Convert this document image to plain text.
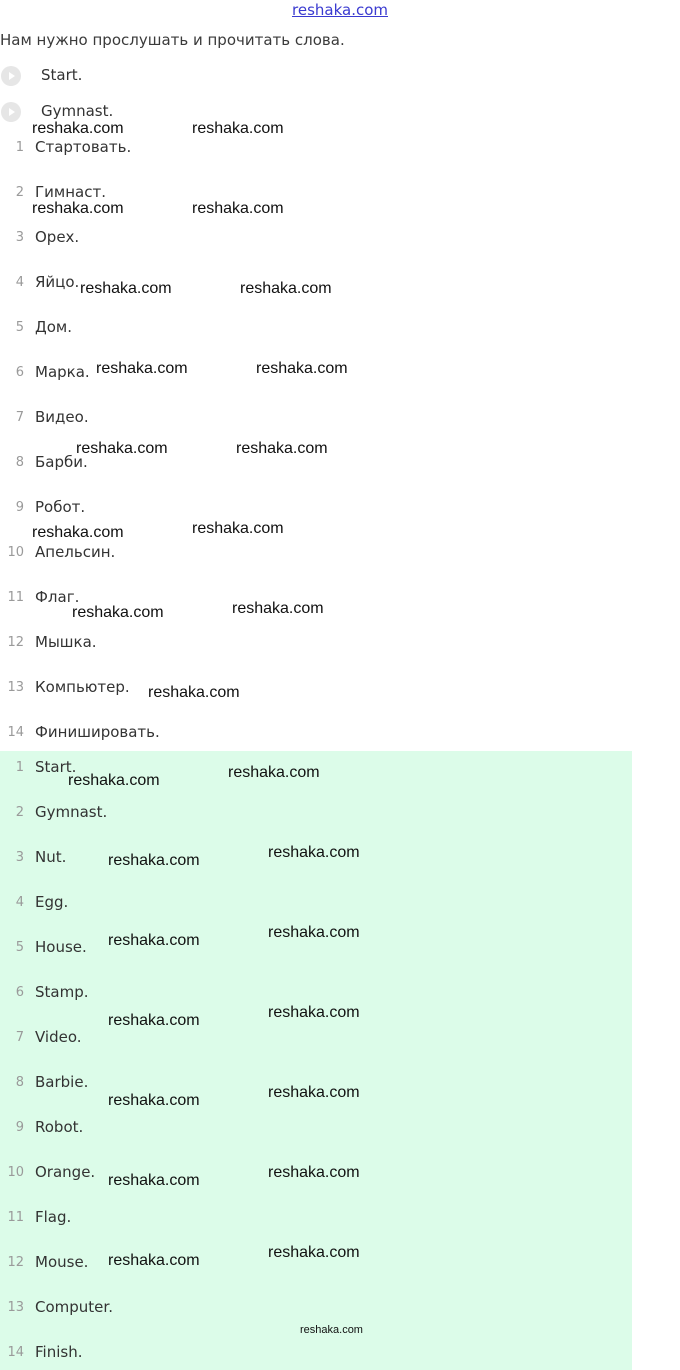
reshaka.com
Нам нужно прослушать и прочитать слова.
Start.
Gymnast.
1 Стартовать.
2 Гимнаст.
3 Орех.
4 Яйцо.
5 Дом.
6 Марка.
7 Видео.
8 Барби.
9 Робот.
10 Апельсин.
11 Флаг.
12 Мышка.
13 Компьютер.
14 Финишировать.
1 Start.
2 Gymnast.
3 Nut.
4 Egg.
5 House.
6 Stamp.
7 Video.
8 Barbie.
9 Robot.
10 Orange.
11 Flag.
12 Mouse.
13 Computer.
14 Finish.
reshaka.com	reshaka.com
reshaka.com	reshaka.com
reshaka.com	reshaka.com
reshaka.com	reshaka.com
reshaka.com	reshaka.com
reshaka.com	reshaka.com
reshaka.com	reshaka.com
reshaka.com
reshaka.com	reshaka.com
reshaka.com	reshaka.com
reshaka.com	reshaka.com
reshaka.com	reshaka.com
reshaka.com	reshaka.com
reshaka.com	reshaka.com
reshaka.com	reshaka.com
reshaka.com
